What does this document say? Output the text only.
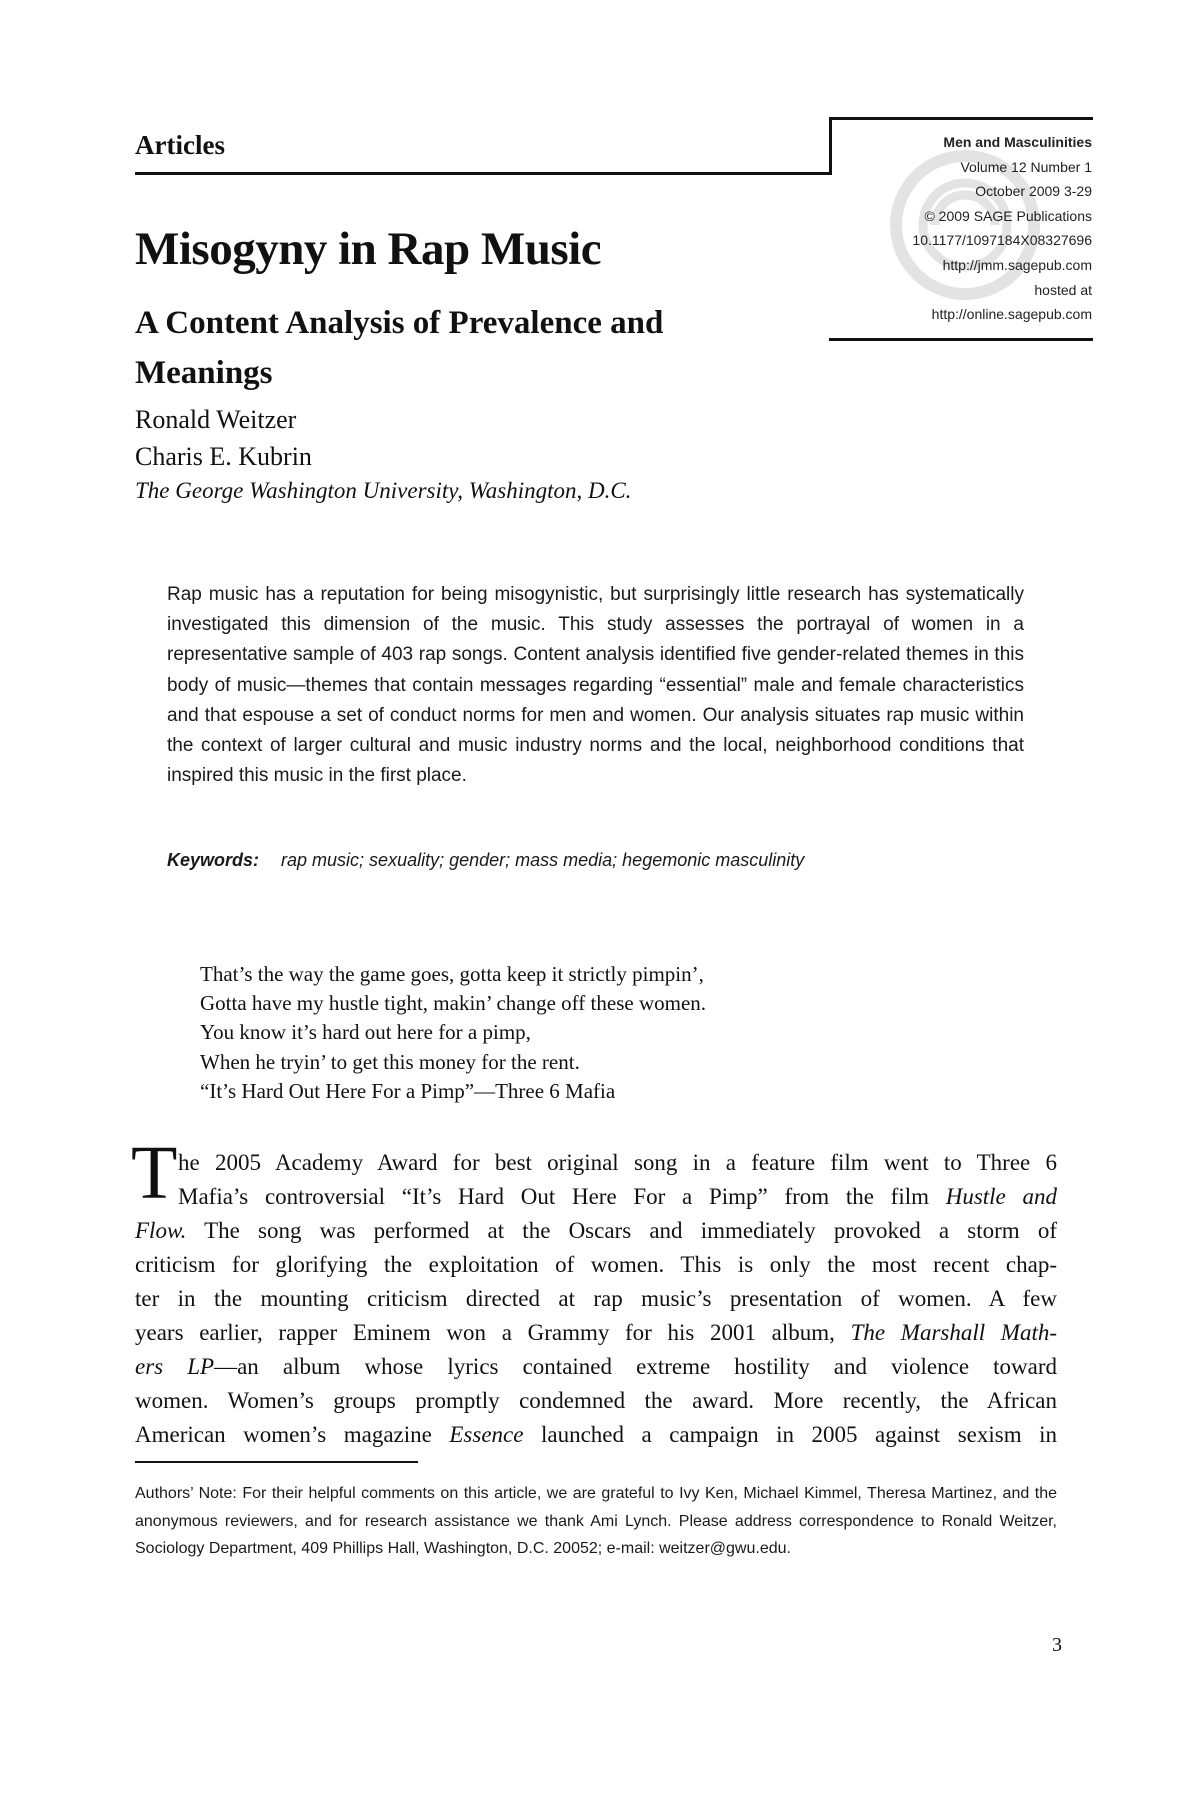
Articles	Men and Masculinities
Volume 12 Number 1
October 2009 3-29
© 2009 SAGE Publications
10.1177/1097184X08327696
http://jmm.sagepub.com
hosted at
http://online.sagepub.com
Misogyny in Rap Music
A Content Analysis of Prevalence and Meanings
Ronald Weitzer
Charis E. Kubrin
The George Washington University, Washington, D.C.
Rap music has a reputation for being misogynistic, but surprisingly little research has systematically investigated this dimension of the music. This study assesses the portrayal of women in a representative sample of 403 rap songs. Content analysis identified five gender-related themes in this body of music—themes that contain messages regarding “essential” male and female characteristics and that espouse a set of conduct norms for men and women. Our analysis situates rap music within the context of larger cultural and music industry norms and the local, neighborhood conditions that inspired this music in the first place.
Keywords: rap music; sexuality; gender; mass media; hegemonic masculinity
That’s the way the game goes, gotta keep it strictly pimpin’,
Gotta have my hustle tight, makin’ change off these women.
You know it’s hard out here for a pimp,
When he tryin’ to get this money for the rent.
“It’s Hard Out Here For a Pimp”—Three 6 Mafia
T he 2005 Academy Award for best original song in a feature film went to Three 6
Mafia’s controversial “It’s Hard Out Here For a Pimp” from the film Hustle and
Flow. The song was performed at the Oscars and immediately provoked a storm of
criticism for glorifying the exploitation of women. This is only the most recent chap-
ter in the mounting criticism directed at rap music’s presentation of women. A few
years earlier, rapper Eminem won a Grammy for his 2001 album, The Marshall Math-
ers LP—an album whose lyrics contained extreme hostility and violence toward
women. Women’s groups promptly condemned the award. More recently, the African
American women’s magazine Essence launched a campaign in 2005 against sexism in
Authors’ Note: For their helpful comments on this article, we are grateful to Ivy Ken, Michael Kimmel, Theresa Martinez, and the anonymous reviewers, and for research assistance we thank Ami Lynch. Please address correspondence to Ronald Weitzer, Sociology Department, 409 Phillips Hall, Washington, D.C. 20052; e-mail: weitzer@gwu.edu.
3
